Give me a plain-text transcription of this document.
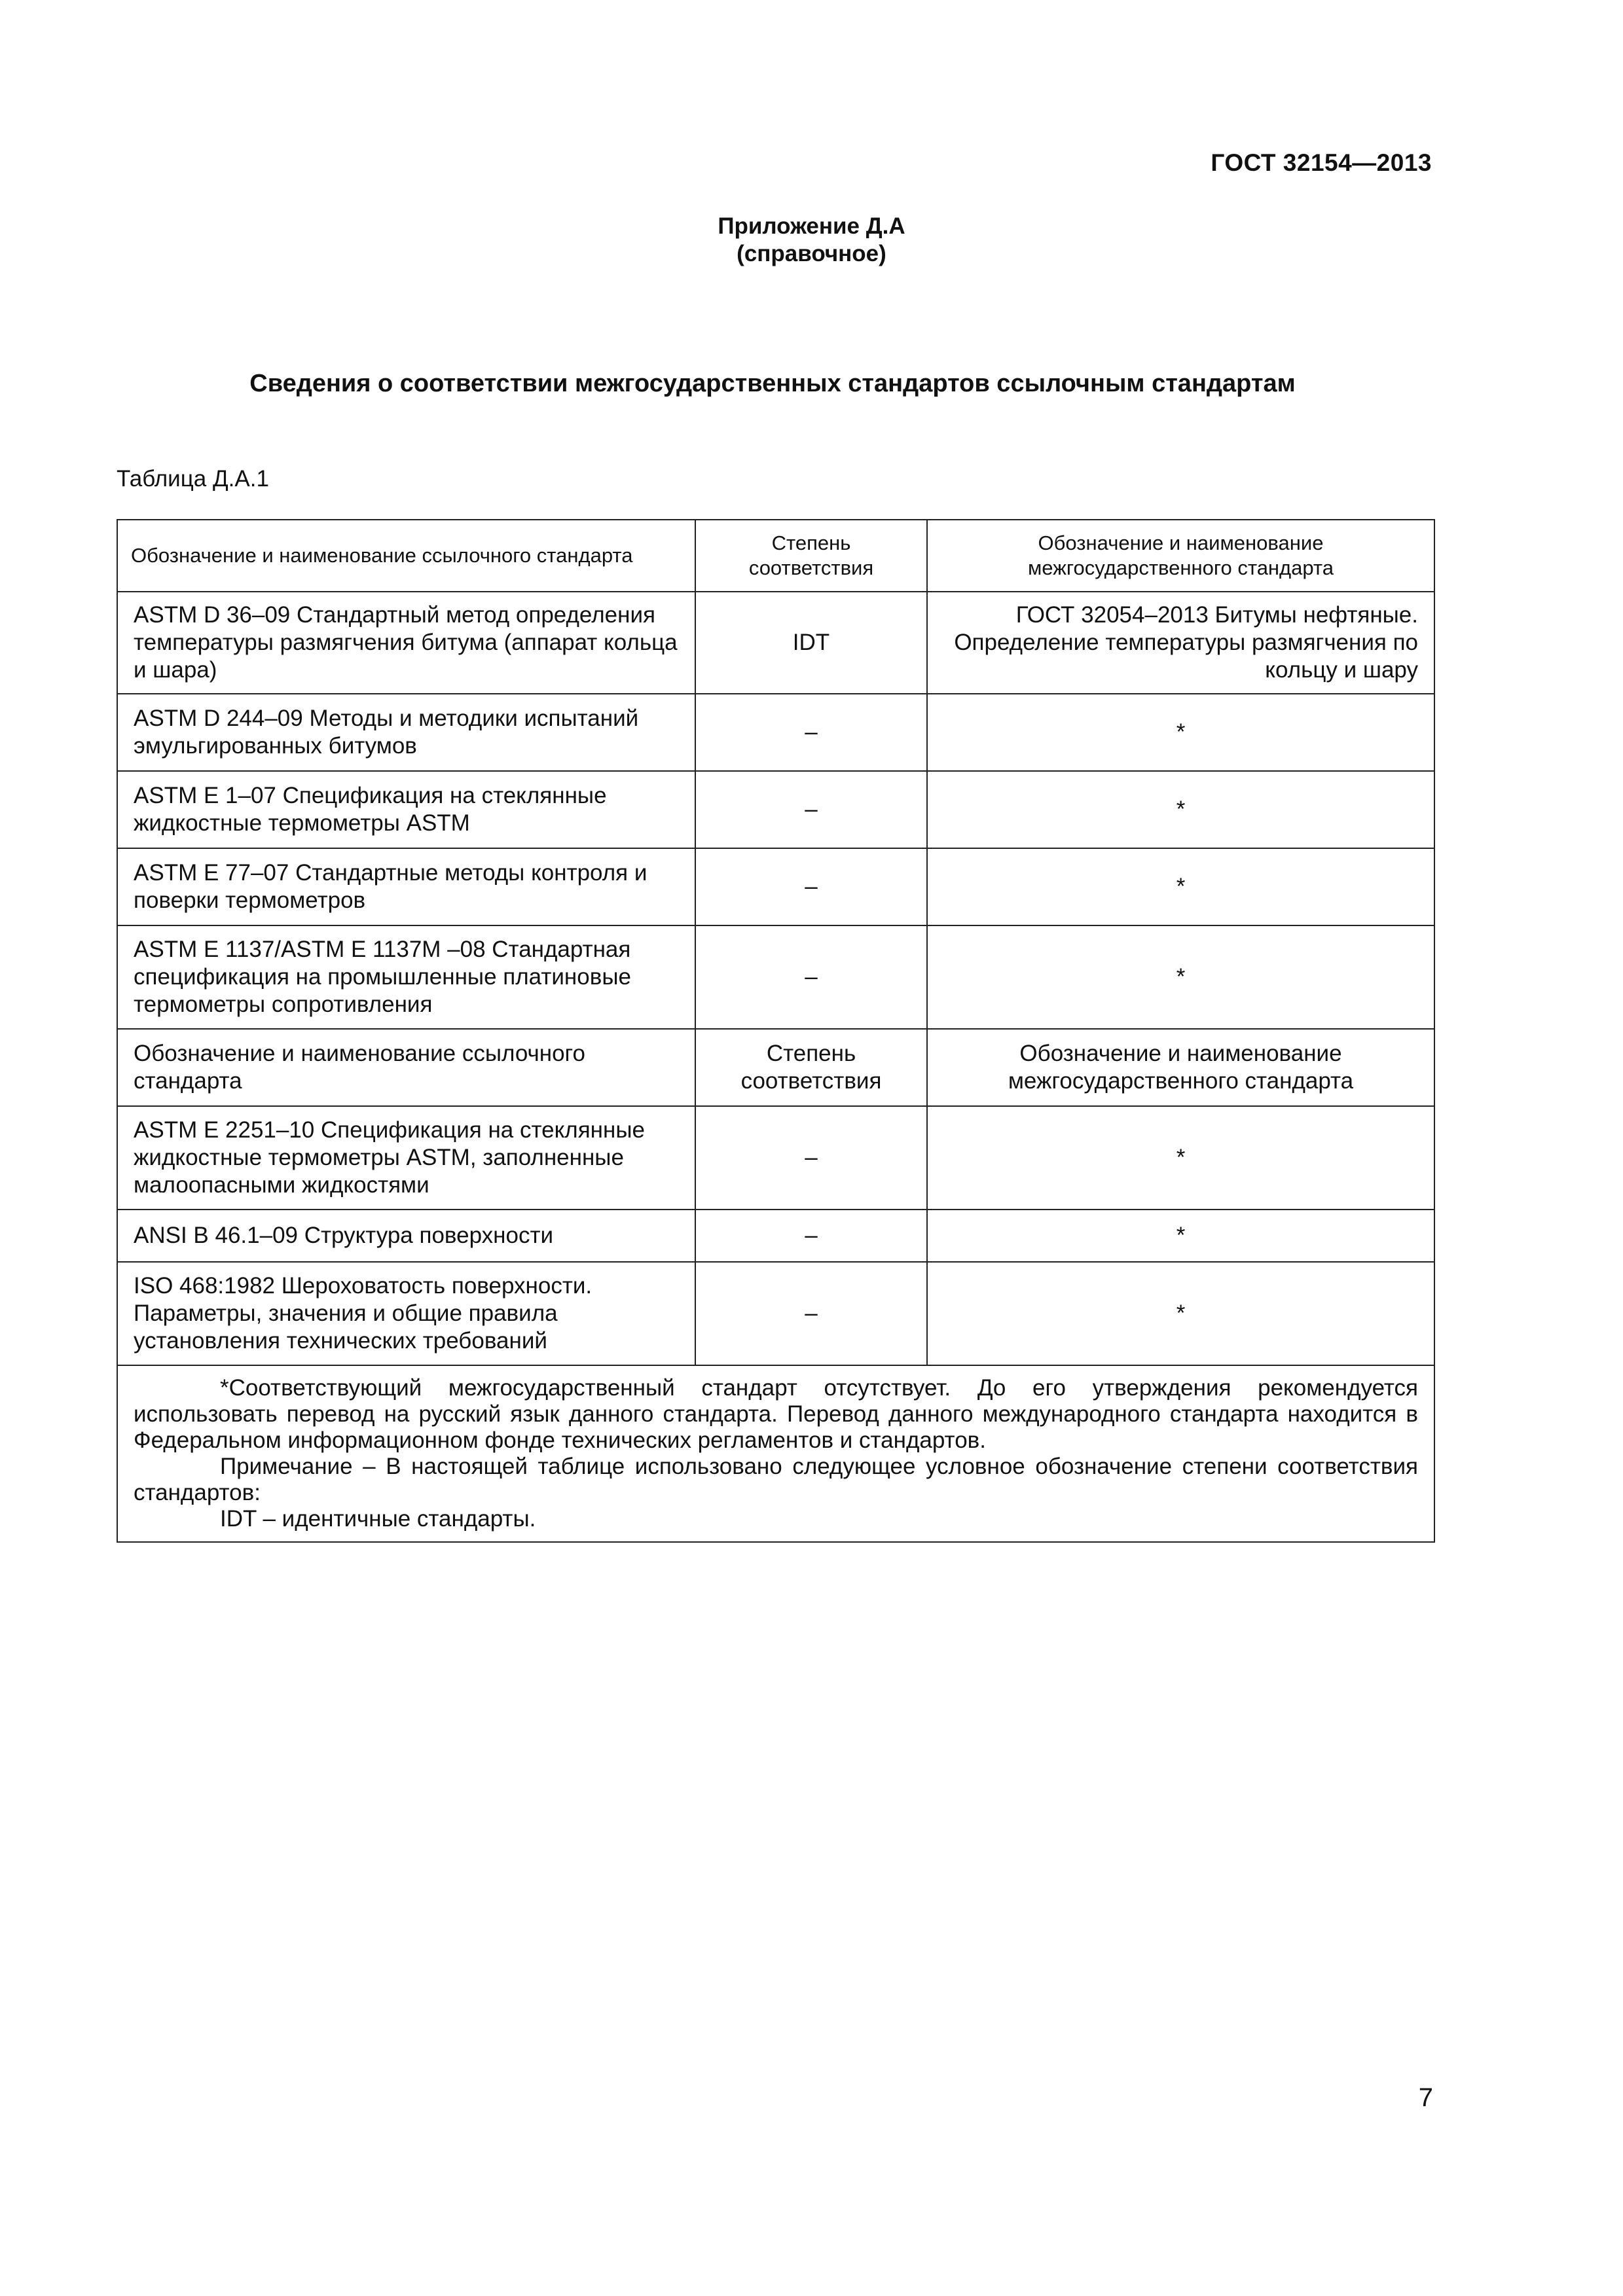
ГОСТ 32154—2013
Приложение Д.А
(справочное)
Сведения о соответствии межгосударственных стандартов ссылочным стандартам
Таблица Д.А.1
Обозначение и наименование ссылочного стандарта	Степень соответствия	Обозначение и наименование межгосударственного стандарта
ASTM D 36–09 Стандартный метод определения температуры размягчения битума (аппарат кольца и шара)	IDT	ГОСТ 32054–2013 Битумы нефтяные. Определение температуры размягчения по кольцу и шару
ASTM D 244–09 Методы и методики испытаний эмульгированных битумов	–	*
ASTM E 1–07 Спецификация на стеклянные жидкостные термометры ASTM	–	*
ASTM E 77–07 Стандартные методы контроля и поверки термометров	–	*
ASTM E 1137/ASTM E 1137M –08 Стандартная спецификация на промышленные платиновые термометры сопротивления	–	*
Обозначение и наименование ссылочного стандарта	Степень соответствия	Обозначение и наименование межгосударственного стандарта
ASTM E 2251–10 Спецификация на стеклянные жидкостные термометры ASTM, заполненные малоопасными жидкостями	–	*
ANSI B 46.1–09 Структура поверхности	–	*
ISO 468:1982 Шероховатость поверхности. Параметры, значения и общие правила установления технических требований	–	*

*Соответствующий межгосударственный стандарт отсутствует. До его утверждения рекомендуется использовать перевод на русский язык данного стандарта. Перевод данного международного стандарта находится в Федеральном информационном фонде технических регламентов и стандартов.
Примечание – В настоящей таблице использовано следующее условное обозначение степени соответствия стандартов:
IDT – идентичные стандарты.		
7
